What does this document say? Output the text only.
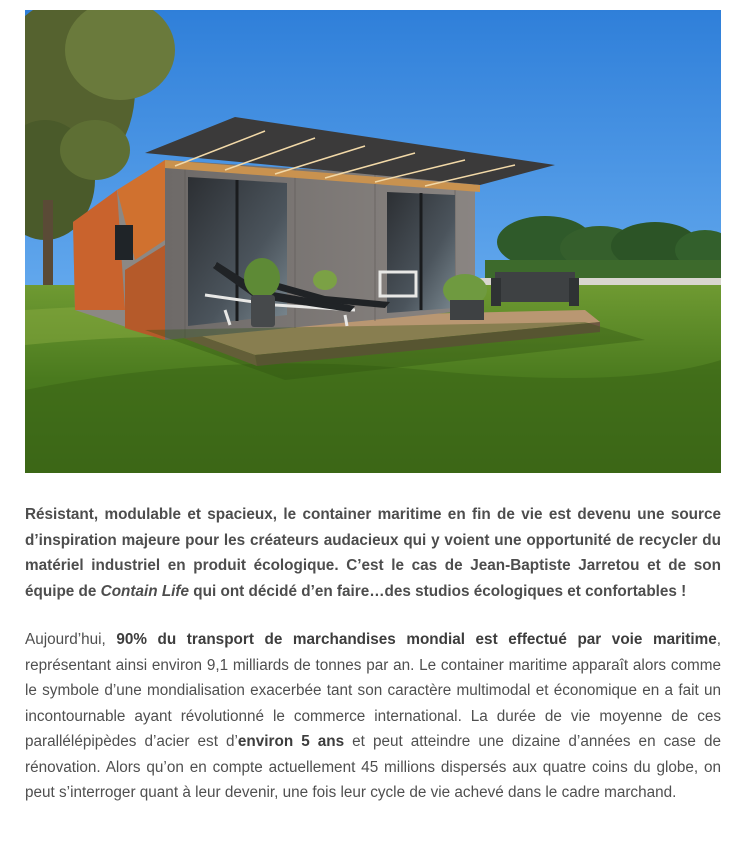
Résistant, modulable et spacieux, le container maritime en fin de vie est devenu une source d’inspiration majeure pour les créateurs audacieux qui y voient une opportunité de recycler du matériel industriel en produit écologique. C’est le cas de Jean-Baptiste Jarretou et de son équipe de Contain Life qui ont décidé d’en faire…des studios écologiques et confortables !

Aujourd’hui, 90% du transport de marchandises mondial est effectué par voie maritime, représentant ainsi environ 9,1 milliards de tonnes par an. Le container maritime apparaît alors comme le symbole d’une mondialisation exacerbée tant son caractère multimodal et économique en a fait un incontournable ayant révolutionné le commerce international. La durée de vie moyenne de ces parallélépipèdes d’acier est d’environ 5 ans et peut atteindre une dizaine d’années en case de rénovation. Alors qu’on en compte actuellement 45 millions dispersés aux quatre coins du globe, on peut s’interroger quant à leur devenir, une fois leur cycle de vie achevé dans le cadre marchand.
